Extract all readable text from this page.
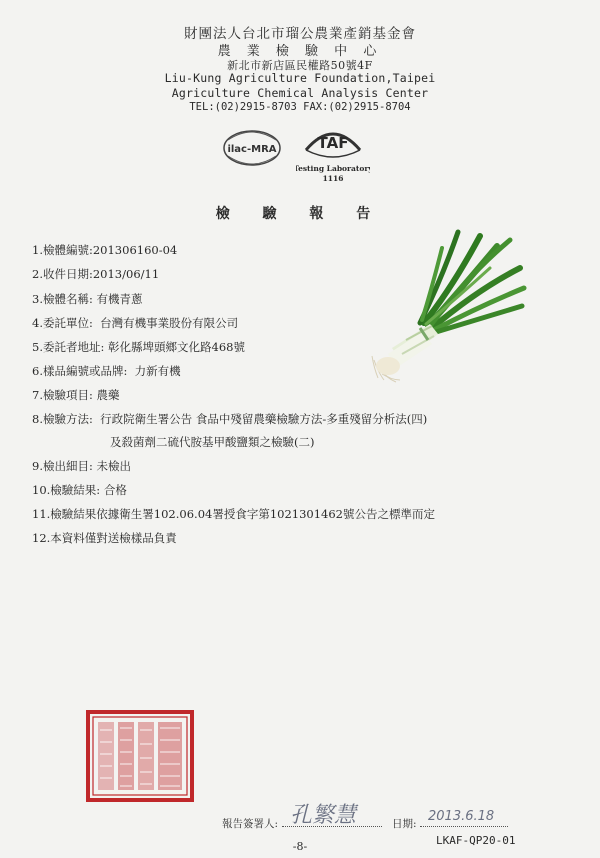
財團法人台北市瑠公農業產銷基金會
農 業 檢 驗 中 心
新北市新店區民權路50號4F
Liu-Kung Agriculture Foundation,Taipei
Agriculture Chemical Analysis Center
TEL:(02)2915-8703 FAX:(02)2915-8704
ilac-MRA	TAF
Testing Laboratory
1116
檢 驗 報 告
1.檢體編號:201306160-04
2.收件日期:2013/06/11
3.檢體名稱: 有機青蔥
4.委託單位: 台灣有機事業股份有限公司
5.委託者地址: 彰化縣埤頭鄉文化路468號
6.樣品編號或品牌: 力新有機
7.檢驗項目: 農藥
8.檢驗方法: 行政院衛生署公告 食品中殘留農藥檢驗方法-多重殘留分析法(四)
及殺菌劑二硫代胺基甲酸鹽類之檢驗(二)
9.檢出細目: 未檢出
10.檢驗結果: 合格
11.檢驗結果依據衛生署102.06.04署授食字第1021301462號公告之標準而定
12.本資料僅對送檢樣品負責
報告簽署人: 孔繁慧	日期: 2013.6.18
LKAF-QP20-01
-8-
